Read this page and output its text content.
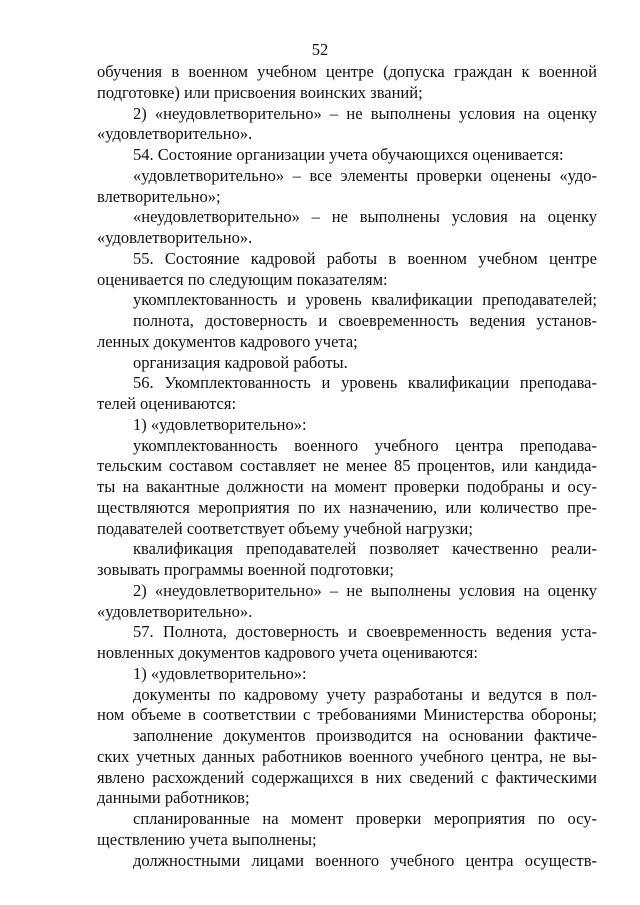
52
обучения в военном учебном центре (допуска граждан к военной
подготовке) или присвоения воинских званий;
2) «неудовлетворительно» – не выполнены условия на оценку
«удовлетворительно».
54. Состояние организации учета обучающихся оценивается:
«удовлетворительно» – все элементы проверки оценены «удо-
влетворительно»;
«неудовлетворительно» – не выполнены условия на оценку
«удовлетворительно».
55. Состояние кадровой работы в военном учебном центре
оценивается по следующим показателям:
укомплектованность и уровень квалификации преподавателей;
полнота, достоверность и своевременность ведения установ-
ленных документов кадрового учета;
организация кадровой работы.
56. Укомплектованность и уровень квалификации преподава-
телей оцениваются:
1) «удовлетворительно»:
укомплектованность военного учебного центра преподава-
тельским составом составляет не менее 85 процентов, или кандида-
ты на вакантные должности на момент проверки подобраны и осу-
ществляются мероприятия по их назначению, или количество пре-
подавателей соответствует объему учебной нагрузки;
квалификация преподавателей позволяет качественно реали-
зовывать программы военной подготовки;
2) «неудовлетворительно» – не выполнены условия на оценку
«удовлетворительно».
57. Полнота, достоверность и своевременность ведения уста-
новленных документов кадрового учета оцениваются:
1) «удовлетворительно»:
документы по кадровому учету разработаны и ведутся в пол-
ном объеме в соответствии с требованиями Министерства обороны;
заполнение документов производится на основании фактиче-
ских учетных данных работников военного учебного центра, не вы-
явлено расхождений содержащихся в них сведений с фактическими
данными работников;
спланированные на момент проверки мероприятия по осу-
ществлению учета выполнены;
должностными лицами военного учебного центра осуществ-
